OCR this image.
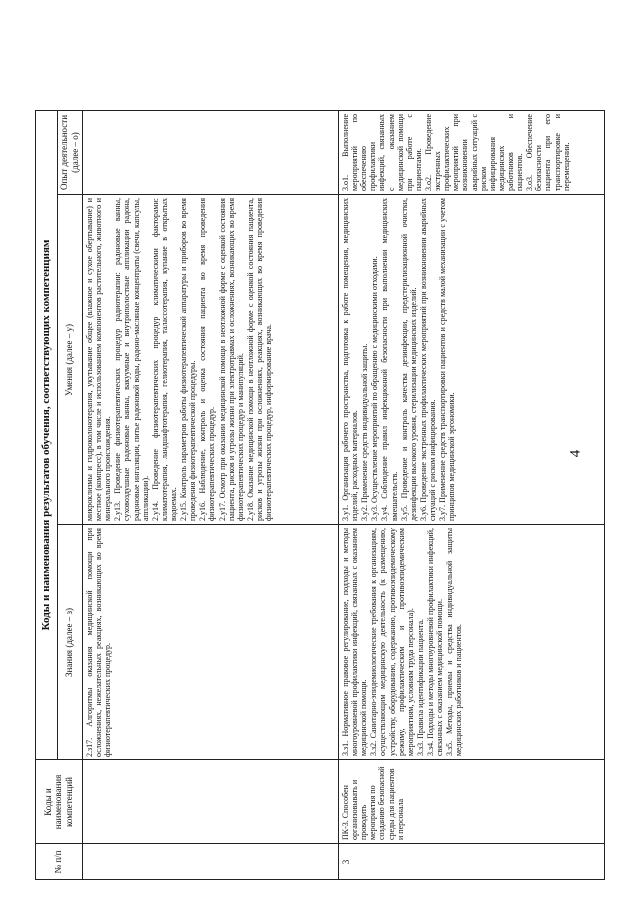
4
№ п/п
Коды и наименования компетенций
Коды и наименования результатов обучения, соответствующих компетенциям
Знания (далее – з)
Умения (далее – у)
Опыт деятельности (далее – о)

2.з17. Алгоритмы оказания медицинской помощи при осложнениях, нежелательных реакциях, возникающих во время физиотерапевтических процедур.

микроклизмы и гидроколонотерапия, укутывание общее (влажное и сухое обертывание) и местное (компресс), в том числе и использованием компонентов растительного, животного и минерального происхождения. 2.у13. Проведение физиотерапевтических процедур радиотерапии: радоновые ванны, суховоздушные радоновые ванны, вакуумные и внутриполостные аппликации радона, радоновые ингаляции, питье радоновой воды, радоно-масляные концентраты (свечи, капсулы, аппликации). 2.у14. Проведение физиотерапевтических процедур климатическими факторами: климатотерапия, ландшафтотерапия, гелиотерапия, талассотерапия, купание в открытых водоемах. 2.у15. Контроль параметров работы физиотерапевтической аппаратуры и приборов во время проведения физиотерапевтической процедуры. 2.у16. Наблюдение, контроль и оценка состояния пациента во время проведения физиотерапевтических процедур. 2.у17. Осмотр при оказании медицинской помощи в неотложной форме с оценкой состояния пациента, рисков и угрозы жизни при электротравмах и осложнениях, возникающих во время физиотерапевтических процедур и манипуляций. 2.у18. Оказание медицинской помощи в неотложной форме с оценкой состояния пациента, рисков и угрозы жизни при осложнениях, реакциях, возникающих во время проведения физиотерапевтических процедур, информирование врача.

3

ПК-3. Способен организовывать и проводить мероприятия по созданию безопасной среды для пациентов и персонала

3.з1. Нормативное правовое регулирование, подходы и методы многоуровневой профилактики инфекций, связанных с оказанием медицинской помощи. 3.з2. Санитарно-эпидемиологические требования к организациям, осуществляющим медицинскую деятельность (к размещению, устройству, оборудованию, содержанию, противоэпидемическому режиму, профилактическим и противоэпидемическим мероприятиям, условиям труда персонала). 3.з3. Правила идентификации пациента. 3.з4. Подходы и методы многоуровневой профилактики инфекций, связанных с оказанием медицинской помощи. 3.з5. Методы, приемы и средства индивидуальной защиты медицинских работников и пациентов.

3.у1. Организация рабочего пространства, подготовка к работе помещения, медицинских изделий, расходных материалов. 3.у2. Применение средств индивидуальной защиты. 3.у3. Осуществление мероприятий по обращению с медицинскими отходами. 3.у4. Соблюдение правил инфекционной безопасности при выполнении медицинских вмешательств. 3.у5. Проведение и контроль качества дезинфекции, предстерилизационной очистки, дезинфекции высокого уровня, стерилизации медицинских изделий. 3.у6. Проведение экстренных профилактических мероприятий при возникновении аварийных ситуаций с риском инфицирования. 3.у7. Применение средств транспортировки пациентов и средств малой механизации с учетом принципов медицинской эргономики.

3.о1. Выполнение мероприятий по обеспечению профилактики инфекций, связанных с оказанием медицинской помощи при работе с пациентами. 3.о2. Проведение экстренных профилактических мероприятий при возникновении аварийных ситуаций с риском инфицирования медицинских работников и пациентов. 3.о3. Обеспечение безопасности пациента при его транспортировке и перемещении.
